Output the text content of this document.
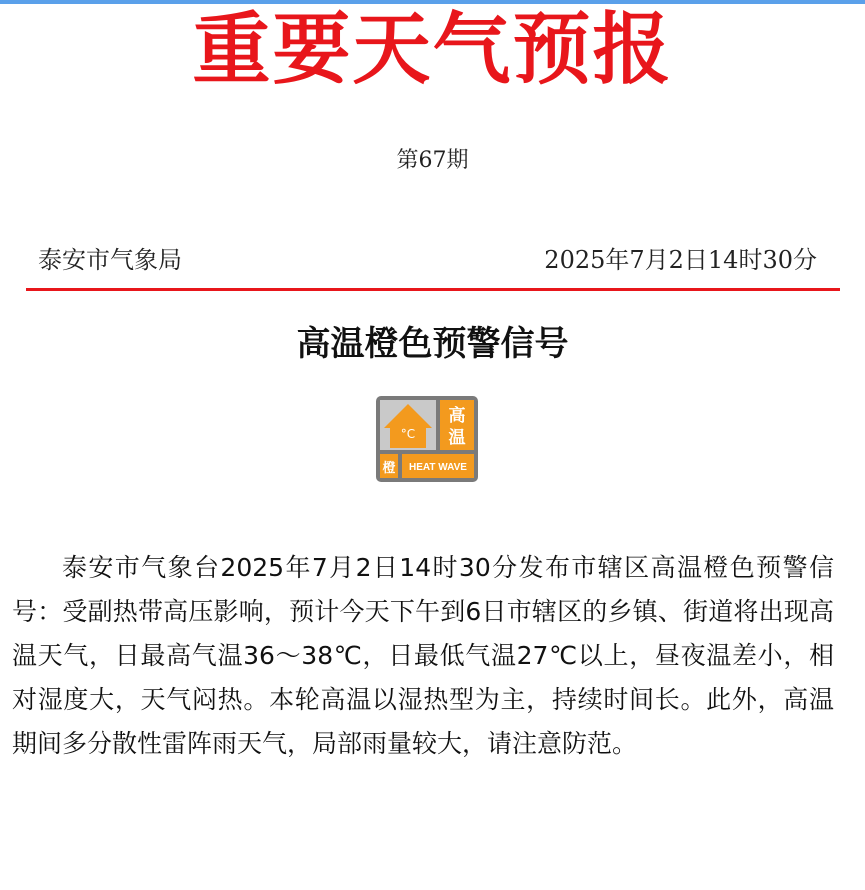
重要天气预报
第67期
泰安市气象局	2025年7月2日14时30分
高温橙色预警信号
°C
高
温
橙 HEAT WAVE

泰安市气象台2025年7月2日14时30分发布市辖区高温橙色预警信号：受副热带高压影响，预计今天下午到6日市辖区的乡镇、街道将出现高温天气，日最高气温36～38℃，日最低气温27℃以上，昼夜温差小，相对湿度大，天气闷热。本轮高温以湿热型为主，持续时间长。此外，高温期间多分散性雷阵雨天气，局部雨量较大，请注意防范。
